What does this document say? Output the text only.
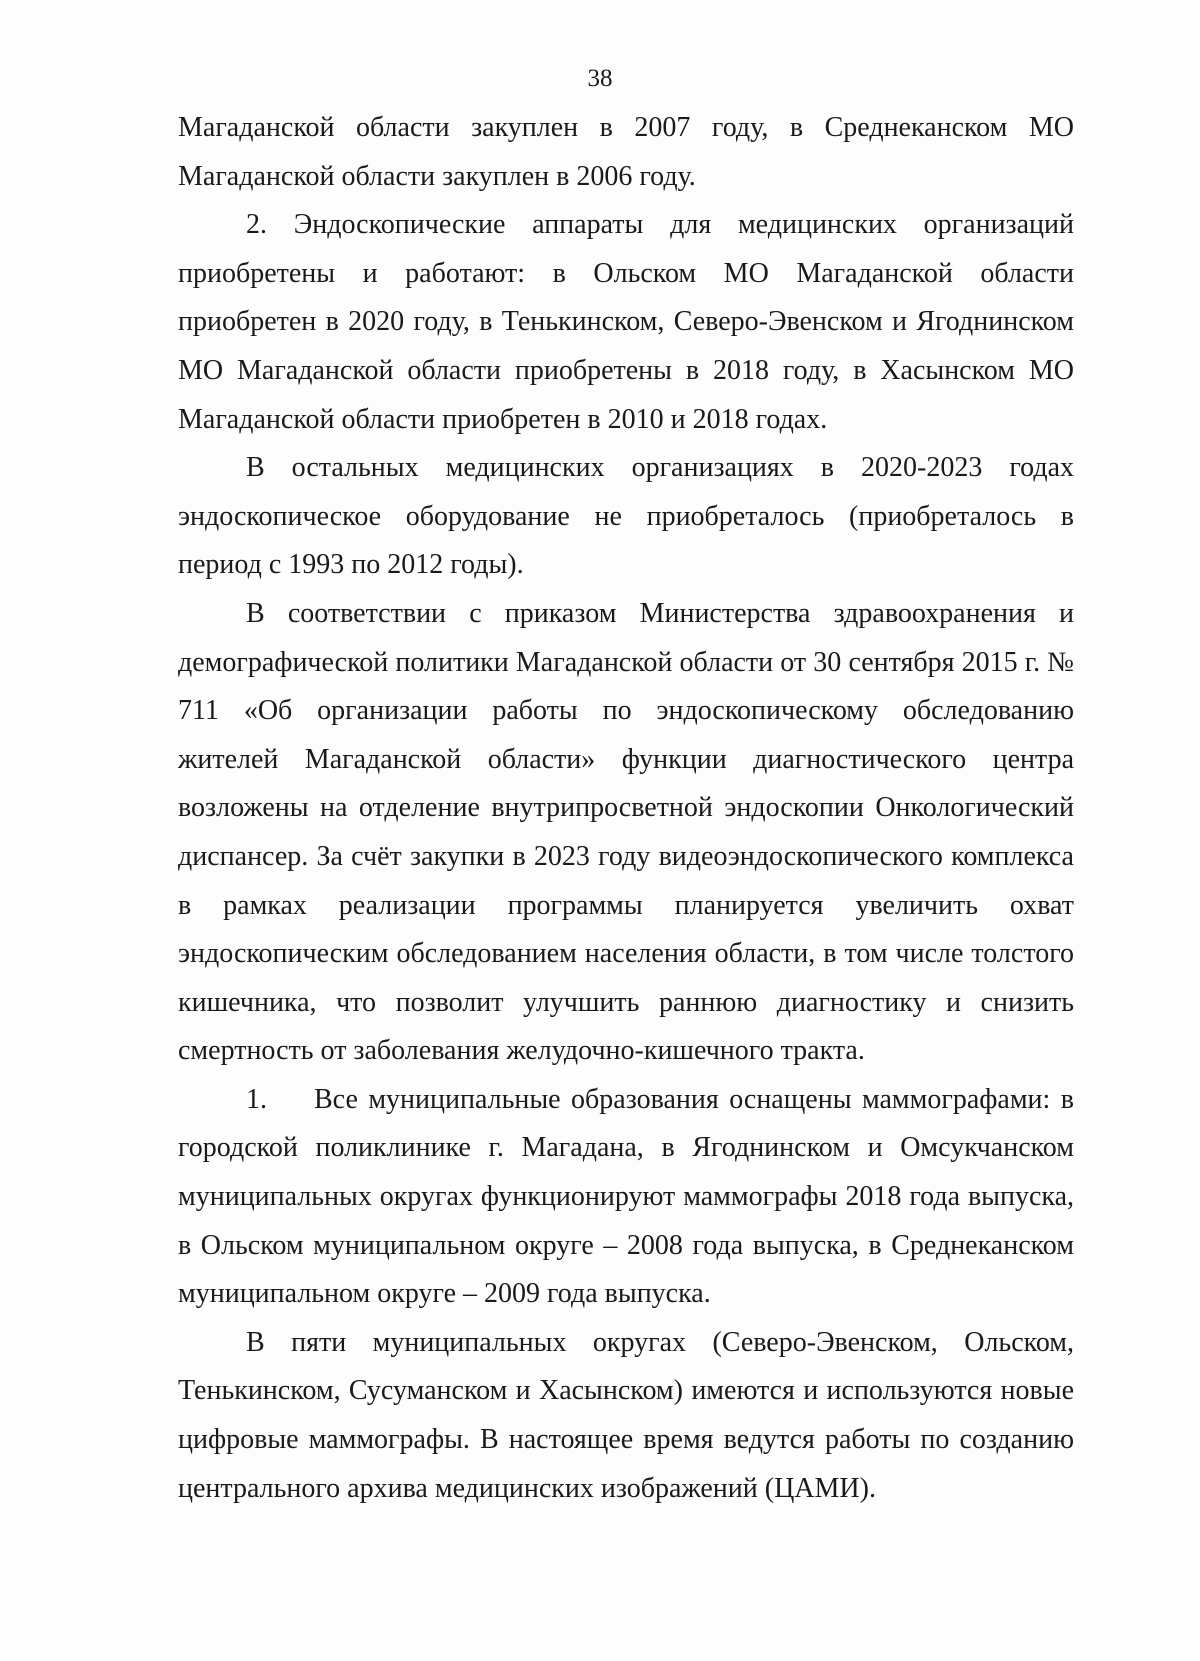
38

Магаданской области закуплен в 2007 году, в Среднеканском МО Магаданской области закуплен в 2006 году.

2. Эндоскопические аппараты для медицинских организаций приобретены и работают: в Ольском МО Магаданской области приобретен в 2020 году, в Тенькинском, Северо-Эвенском и Ягоднинском МО Магаданской области приобретены в 2018 году, в Хасынском МО Магаданской области приобретен в 2010 и 2018 годах.

В остальных медицинских организациях в 2020-2023 годах эндоскопическое оборудование не приобреталось (приобреталось в период с 1993 по 2012 годы).

В соответствии с приказом Министерства здравоохранения и демографической политики Магаданской области от 30 сентября 2015 г. № 711 «Об организации работы по эндоскопическому обследованию жителей Магаданской области» функции диагностического центра возложены на отделение внутрипросветной эндоскопии Онкологический диспансер. За счёт закупки в 2023 году видеоэндоскопического комплекса в рамках реализации программы планируется увеличить охват эндоскопическим обследованием населения области, в том числе толстого кишечника, что позволит улучшить раннюю диагностику и снизить смертность от заболевания желудочно-кишечного тракта.

1. Все муниципальные образования оснащены маммографами: в городской поликлинике г. Магадана, в Ягоднинском и Омсукчанском муниципальных округах функционируют маммографы 2018 года выпуска, в Ольском муниципальном округе – 2008 года выпуска, в Среднеканском муниципальном округе – 2009 года выпуска.

В пяти муниципальных округах (Северо-Эвенском, Ольском, Тенькинском, Сусуманском и Хасынском) имеются и используются новые цифровые маммографы. В настоящее время ведутся работы по созданию центрального архива медицинских изображений (ЦАМИ).
